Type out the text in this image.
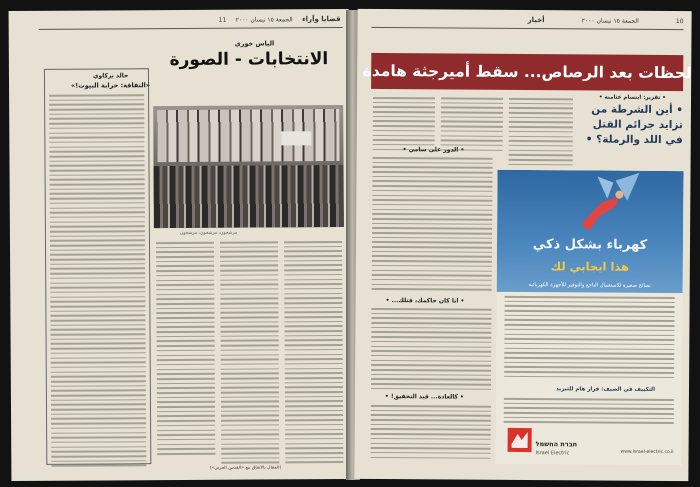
قضايا وآراء
الجمعة ١٥ نيسان ٢٠٠٠
11
خالد بركاوي
«الثقافة: خرابة البيوت!»
الياس خوري
الانتخابات - الصورة
مرشحون، مرشحون، مرشحون
(المقال بالاتفاق مع «القدس العربي»)
10
الجمعة ١٥ نيسان ٢٠٠٠
أخبار
لحظات بعد الرصاص... سقط أميرجثة هامدة
• تقرير: ابتسام عثامنة •
• أين الشرطة من تزايد جرائم القتل في اللد والرملة؟ •
• الدور على سامي •
• انا كان حاكمك، قتلك... •
• كالعادة... قيد التحقيق! •
كهرباء بشكل ذكي
هذا ايجابي لك
نصائح صغيرة للاستعمال الناجع والتوفير للأجهزة الكهربائية
التكييف في الصيف: قرار هام للتبريد
חברת החשמל
Israel Electric	www.israel-electric.co.il
